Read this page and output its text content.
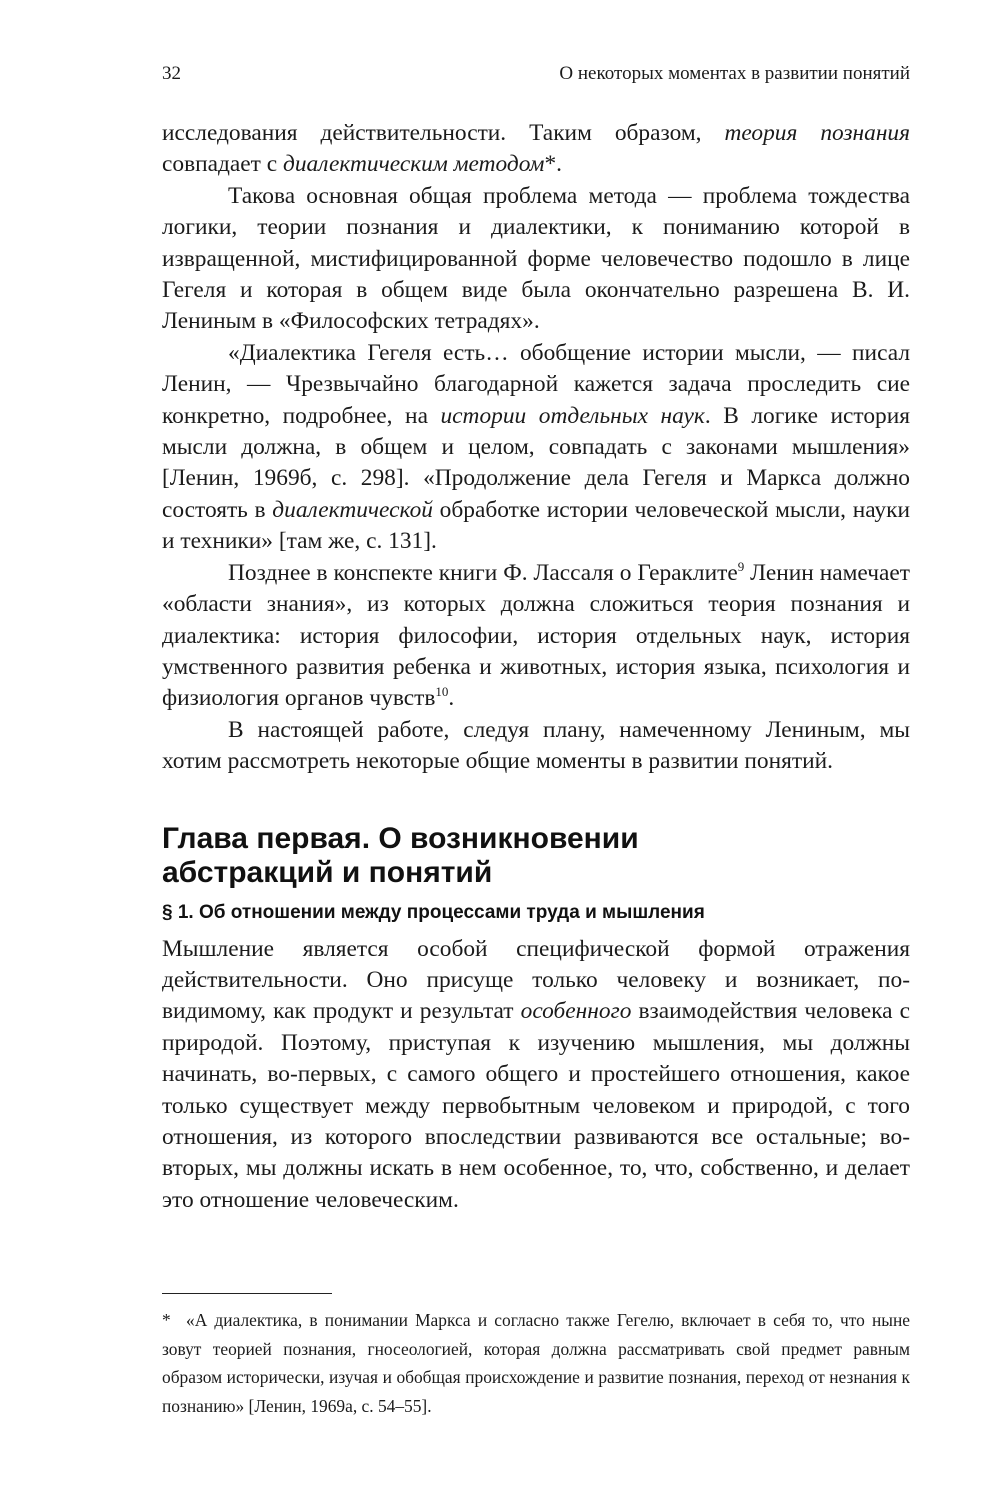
32	О некоторых моментах в развитии понятий

исследования действительности. Таким образом, теория познания совпадает с диалектическим методом*.

Такова основная общая проблема метода — проблема тождества логики, теории познания и диалектики, к пониманию которой в извращенной, мистифицированной форме человечество подошло в лице Гегеля и которая в общем виде была окончательно разрешена В. И. Лениным в «Философских тетрадях».

«Диалектика Гегеля есть… обобщение истории мысли, — писал Ленин, — Чрезвычайно благодарной кажется задача проследить сие конкретно, подробнее, на истории отдельных наук. В логике история мысли должна, в общем и целом, совпадать с законами мышления» [Ленин, 1969б, с. 298]. «Продолжение дела Гегеля и Маркса должно состоять в диалектической обработке истории человеческой мысли, науки и техники» [там же, с. 131].

Позднее в конспекте книги Ф. Лассаля о Гераклите$^9$ Ленин намечает «области знания», из которых должна сложиться теория познания и диалектика: история философии, история отдельных наук, история умственного развития ребенка и животных, история языка, психология и физиология органов чувств$^{10}$.

В настоящей работе, следуя плану, намеченному Лениным, мы хотим рассмотреть некоторые общие моменты в развитии понятий.

Глава первая. О возникновении
абстракций и понятий
§ 1. Об отношении между процессами труда и мышления

Мышление является особой специфической формой отражения действительности. Оно присуще только человеку и возникает, по-видимому, как продукт и результат особенного взаимодействия человека с природой. Поэтому, приступая к изучению мышления, мы должны начинать, во-первых, с самого общего и простейшего отношения, какое только существует между первобытным человеком и природой, с того отношения, из которого впоследствии развиваются все остальные; во-вторых, мы должны искать в нем особенное, то, что, собственно, и делает это отношение человеческим.

* «А диалектика, в понимании Маркса и согласно также Гегелю, включает в себя то, что ныне зовут теорией познания, гносеологией, которая должна рассматривать свой предмет равным образом исторически, изучая и обобщая происхождение и развитие познания, переход от незнания к познанию» [Ленин, 1969а, с. 54–55].
